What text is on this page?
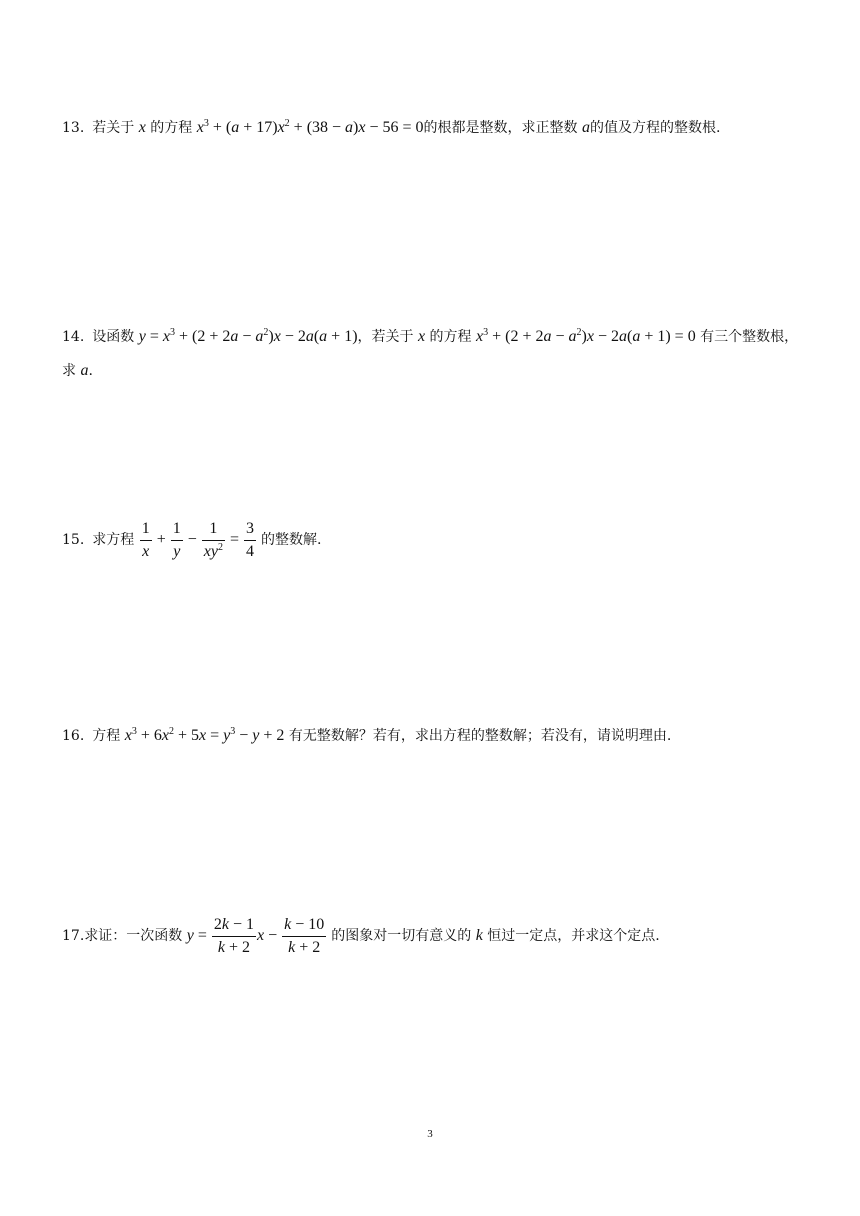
13. 若关于 x 的方程 $x^3 + (a + 17)x^2 + (38 - a)x - 56 = 0$的根都是整数，求正整数 a的值及方程的整数根.
14. 设函数 $y = x^3 + (2 + 2a - a^2)x - 2a(a + 1)$，若关于 x 的方程 $x^3 + (2 + 2a - a^2)x - 2a(a + 1) = 0$ 有三个整数根，求 a.
15. 求方程 $\frac{1}{x} + \frac{1}{y} - \frac{1}{xy^2} = \frac{3}{4}$ 的整数解.
16. 方程 $x^3 + 6x^2 + 5x = y^3 - y + 2$ 有无整数解？若有，求出方程的整数解；若没有，请说明理由.
17.求证：一次函数 $y = \frac{2k - 1}{k + 2}$ $x - \frac{k - 10}{k + 2}$ 的图象对一切有意义的 k 恒过一定点，并求这个定点.
3
